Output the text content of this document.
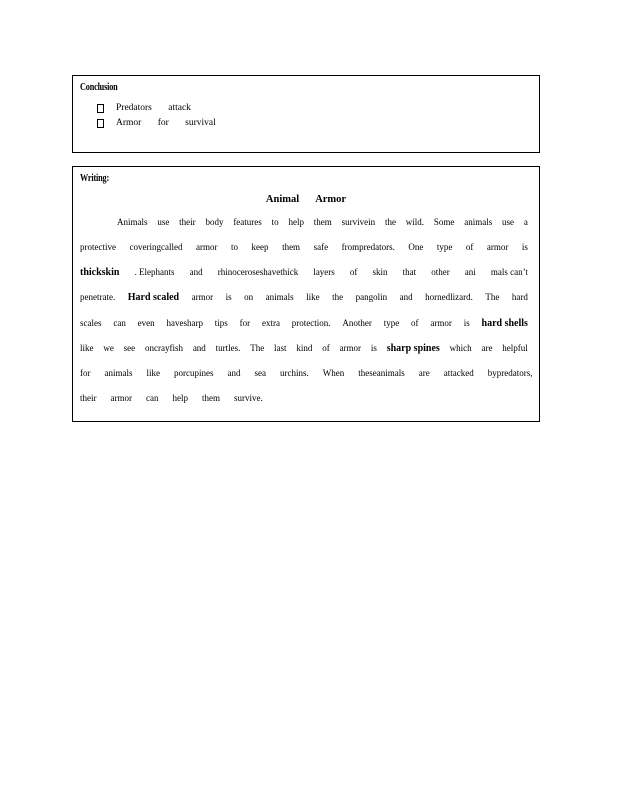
Conclusion
Predators attack
Armor for survival
Writing:
Animal Armor
Animals use their body features to help them survivein the wild. Some animals use a
protective coveringcalled armor to keep them safe frompredators. One type of armor is
thickskin . Elephants and rhinoceroseshavethick layers of skin that other ani mals can’t
penetrate. Hard scaled armor is on animals like the pangolin and hornedlizard. The hard
scales can even havesharp tips for extra protection. Another type of armor is hard shells
like we see oncrayfish and turtles. The last kind of armor is sharp spines which are helpful
for animals like porcupines and sea urchins. When theseanimals are attacked bypredators,
their armor can help them survive.
